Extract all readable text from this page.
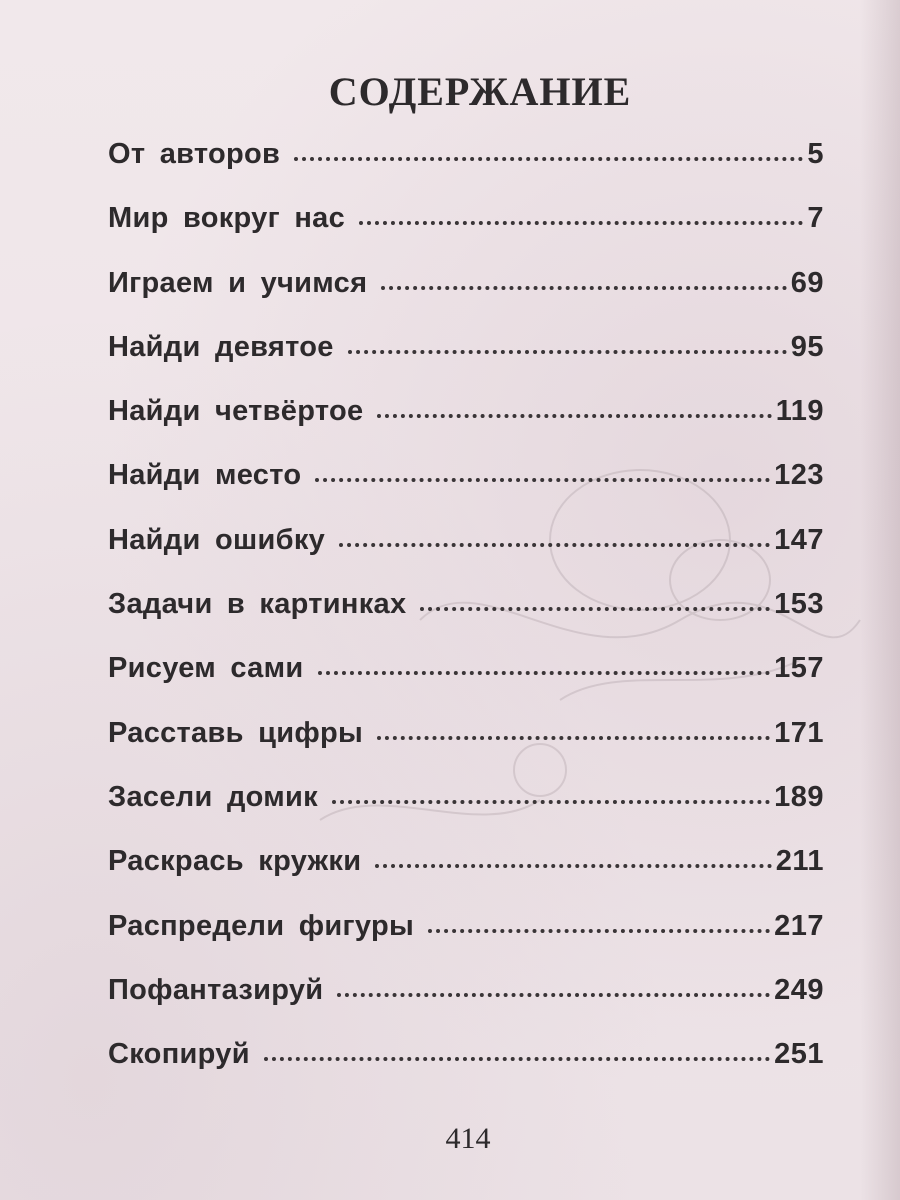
СОДЕРЖАНИЕ
От авторов	5
Мир вокруг нас	7
Играем и учимся	69
Найди девятое	95
Найди четвёртое	119
Найди место	123
Найди ошибку	147
Задачи в картинках	153
Рисуем сами	157
Расставь цифры	171
Засели домик	189
Раскрась кружки	211
Распредели фигуры	217
Пофантазируй	249
Скопируй	251
414
